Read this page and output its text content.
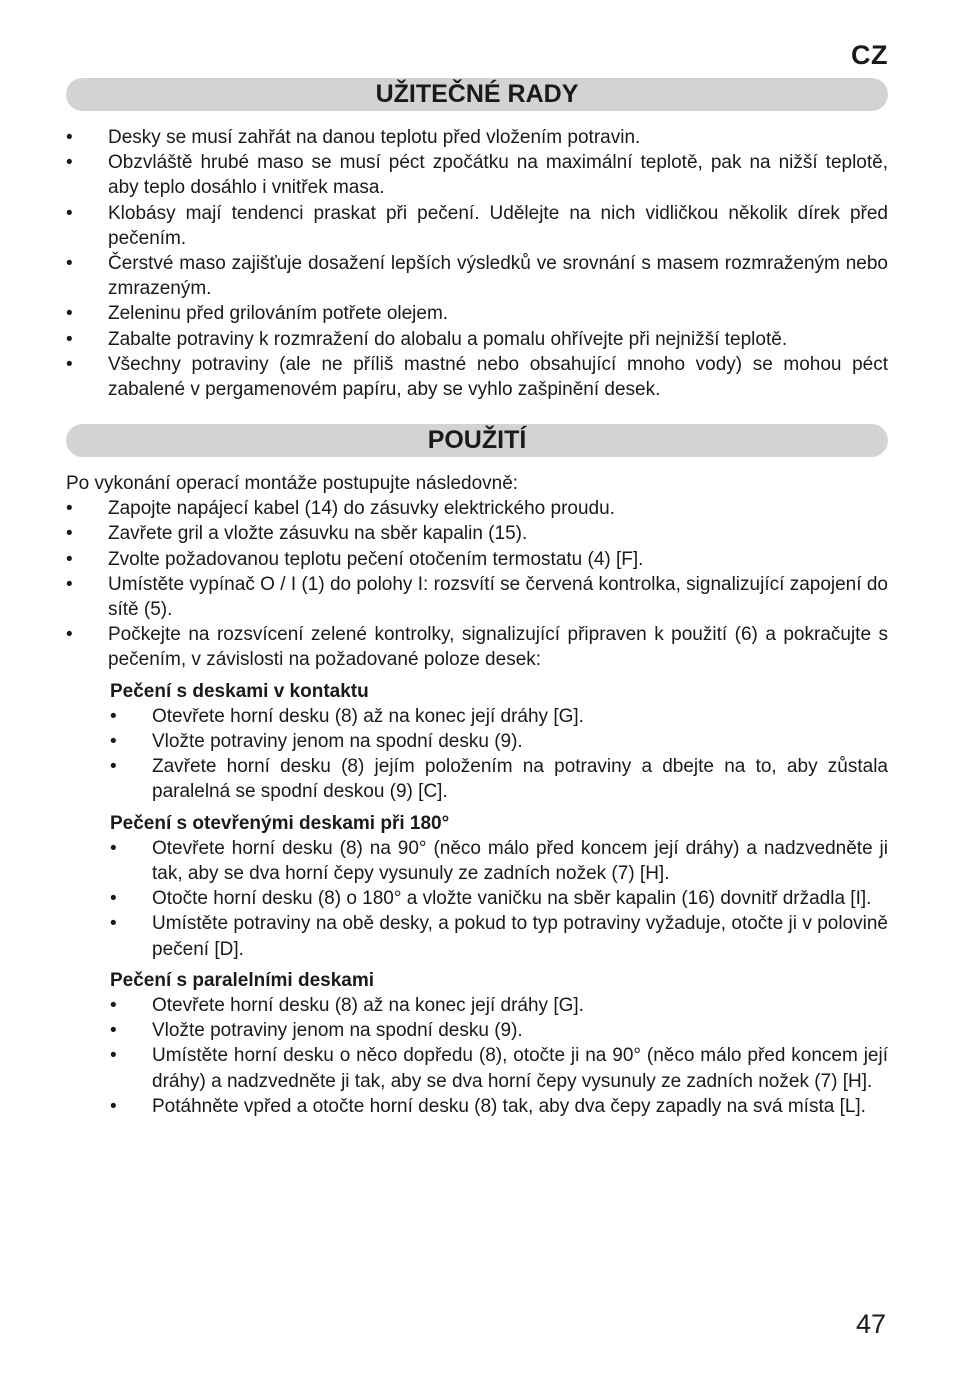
CZ
UŽITEČNÉ RADY
• Desky se musí zahřát na danou teplotu před vložením potravin.
• Obzvláště hrubé maso se musí péct zpočátku na maximální teplotě, pak na nižší teplotě, aby teplo dosáhlo i vnitřek masa.
• Klobásy mají tendenci praskat při pečení. Udělejte na nich vidličkou několik dírek před pečením.
• Čerstvé maso zajišťuje dosažení lepších výsledků ve srovnání s masem rozmraženým nebo zmrazeným.
• Zeleninu před grilováním potřete olejem.
• Zabalte potraviny k rozmražení do alobalu a pomalu ohřívejte při nejnižší teplotě.
• Všechny potraviny (ale ne příliš mastné nebo obsahující mnoho vody) se mohou péct zabalené v pergamenovém papíru, aby se vyhlo zašpinění desek.
POUŽITÍ

Po vykonání operací montáže postupujte následovně:

• Zapojte napájecí kabel (14) do zásuvky elektrického proudu.
• Zavřete gril a vložte zásuvku na sběr kapalin (15).
• Zvolte požadovanou teplotu pečení otočením termostatu (4) [F].
• Umístěte vypínač O / I (1) do polohy I: rozsvítí se červená kontrolka, signalizující zapojení do sítě (5).
• Počkejte na rozsvícení zelené kontrolky, signalizující připraven k použití (6) a pokračujte s pečením, v závislosti na požadované poloze desek:

Pečení s deskami v kontaktu

• Otevřete horní desku (8) až na konec její dráhy [G].
• Vložte potraviny jenom na spodní desku (9).
• Zavřete horní desku (8) jejím položením na potraviny a dbejte na to, aby zůstala paralelná se spodní deskou (9) [C].

Pečení s otevřenými deskami při 180°

• Otevřete horní desku (8) na 90° (něco málo před koncem její dráhy) a nadzvedněte ji tak, aby se dva horní čepy vysunuly ze zadních nožek (7) [H].
• Otočte horní desku (8) o 180° a vložte vaničku na sběr kapalin (16) dovnitř držadla [I].
• Umístěte potraviny na obě desky, a pokud to typ potraviny vyžaduje, otočte ji v polovině pečení [D].

Pečení s paralelními deskami

• Otevřete horní desku (8) až na konec její dráhy [G].
• Vložte potraviny jenom na spodní desku (9).
• Umístěte horní desku o něco dopředu (8), otočte ji na 90° (něco málo před koncem její dráhy) a nadzvedněte ji tak, aby se dva horní čepy vysunuly ze zadních nožek (7) [H].
• Potáhněte vpřed a otočte horní desku (8) tak, aby dva čepy zapadly na svá místa [L].
47
